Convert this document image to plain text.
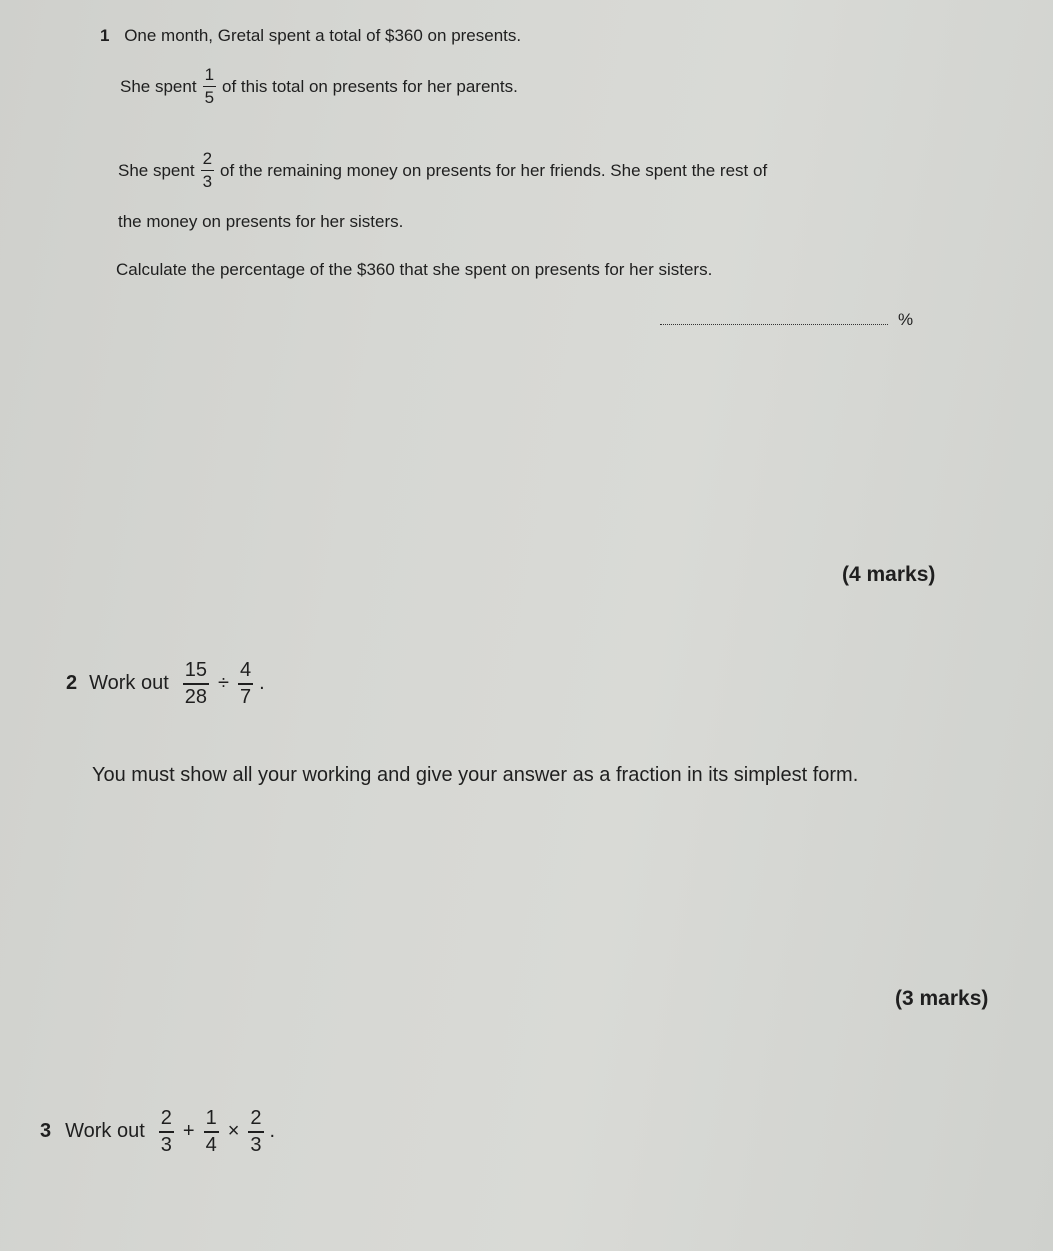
1 One month, Gretal spent a total of $360 on presents.
She spent $\frac{1}{5}$ of this total on presents for her parents.
She spent $\frac{2}{3}$ of the remaining money on presents for her friends. She spent the rest of
the money on presents for her sisters.
Calculate the percentage of the $360 that she spent on presents for her sisters.
%
(4 marks)
2 Work out $\frac{15}{28} \div \frac{4}{7}$ .
You must show all your working and give your answer as a fraction in its simplest form.
(3 marks)
3 Work out $\frac{2}{3} + \frac{1}{4} \times \frac{2}{3}$ .
